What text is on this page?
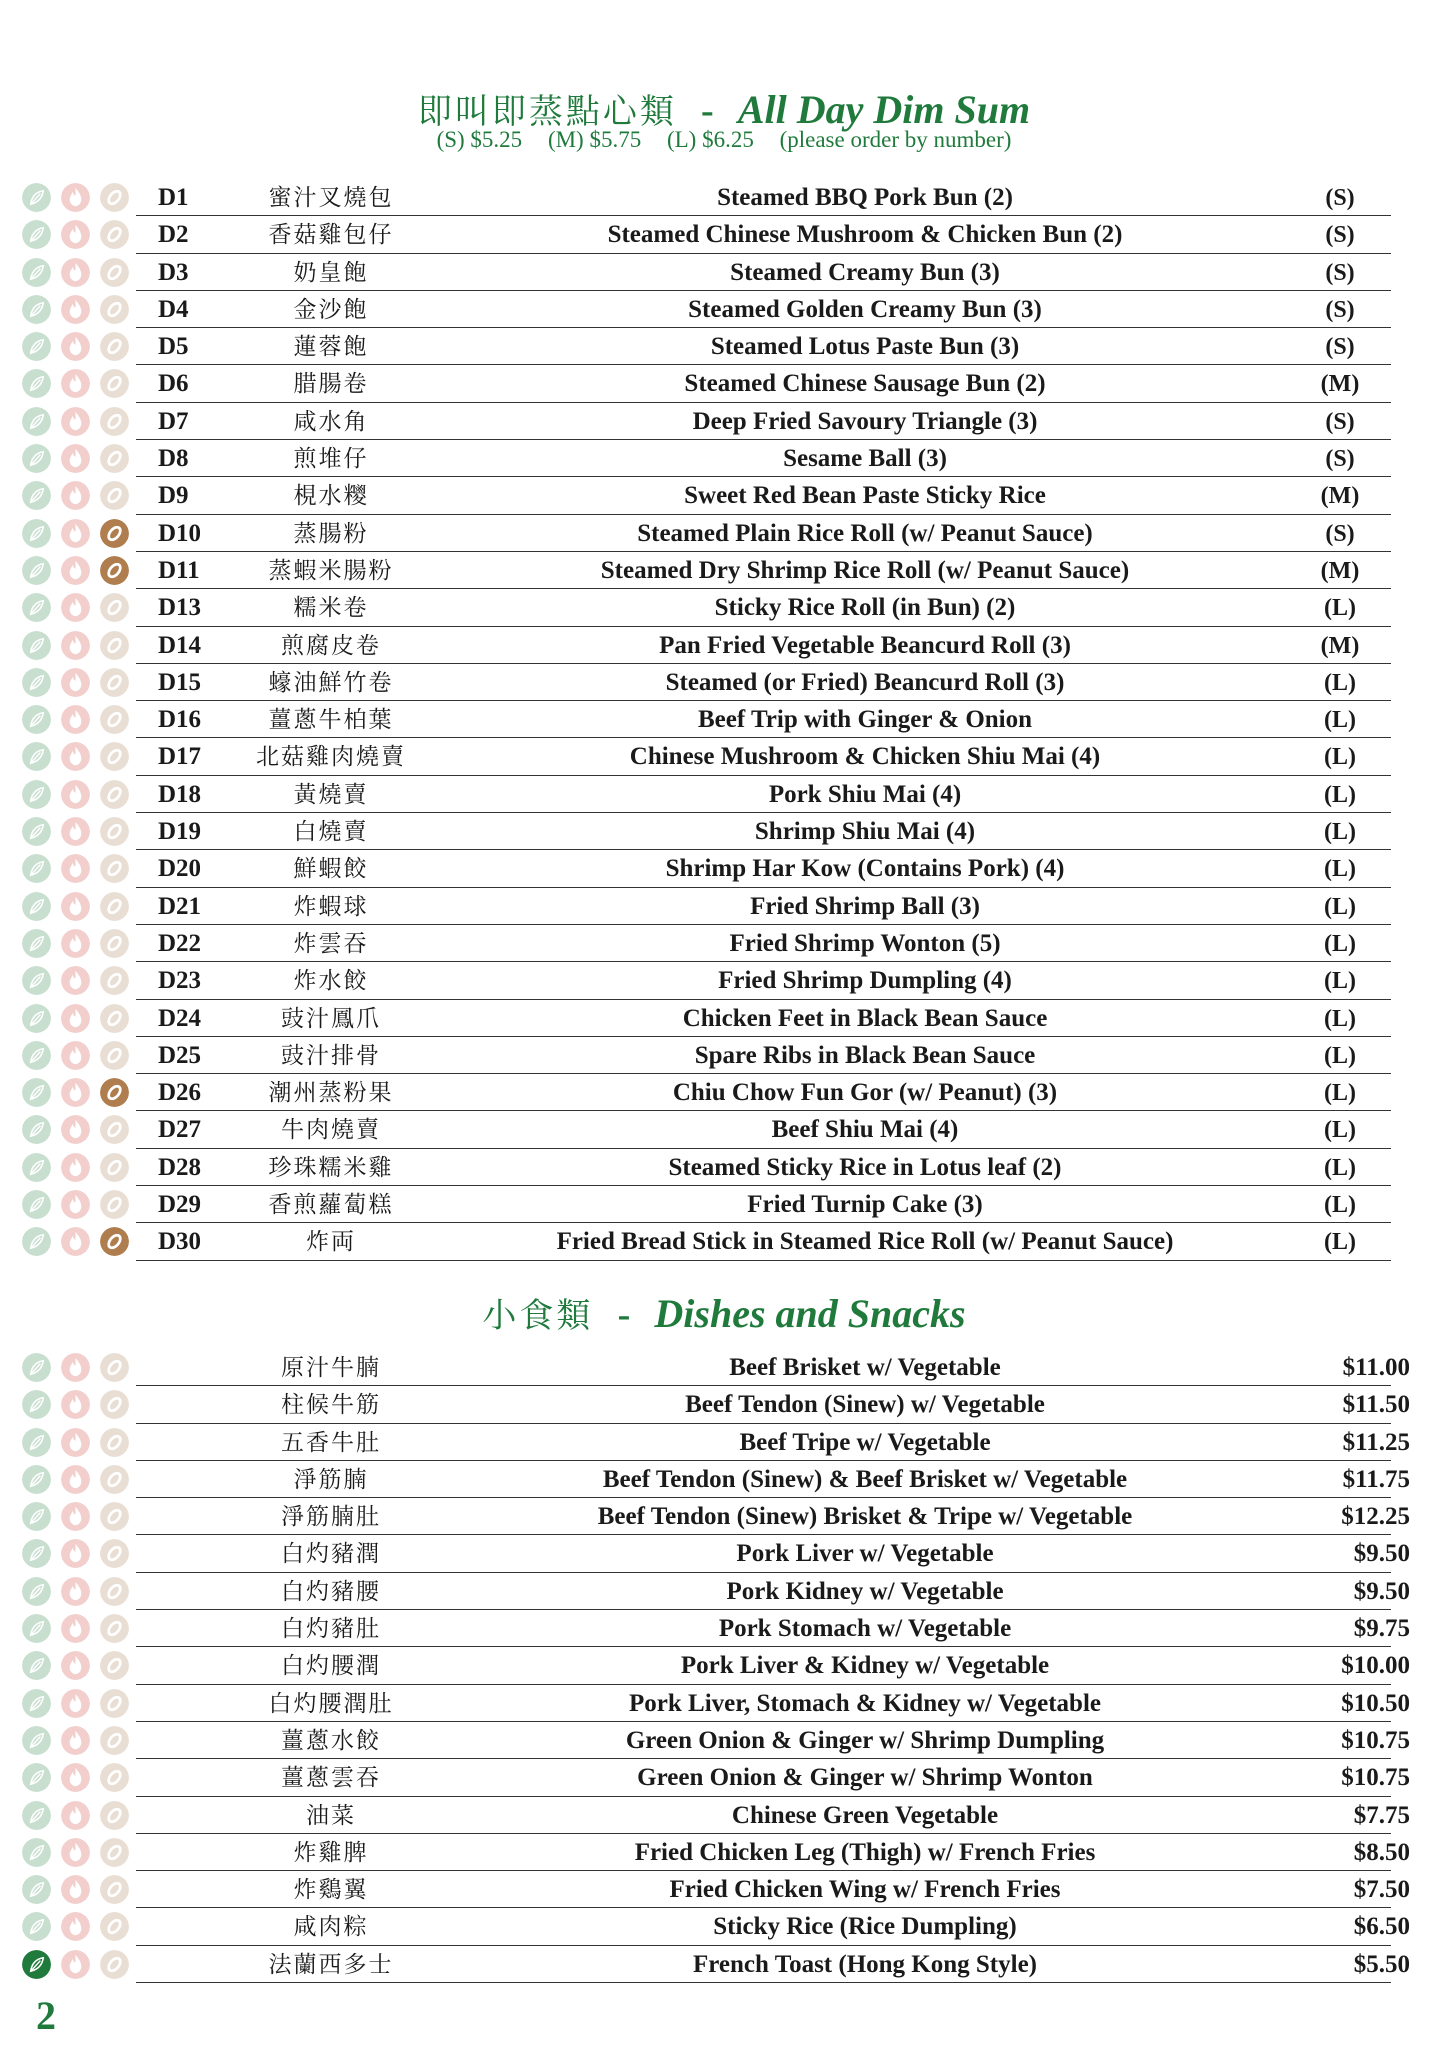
即叫即蒸點心類 - All Day Dim Sum
(S) $5.25 (M) $5.75 (L) $6.25 (please order by number)
D1	蜜汁叉燒包	Steamed BBQ Pork Bun (2)	(S)
D2	香菇雞包仔	Steamed Chinese Mushroom & Chicken Bun (2)	(S)
D3	奶皇飽	Steamed Creamy Bun (3)	(S)
D4	金沙飽	Steamed Golden Creamy Bun (3)	(S)
D5	蓮蓉飽	Steamed Lotus Paste Bun (3)	(S)
D6	腊腸卷	Steamed Chinese Sausage Bun (2)	(M)
D7	咸水角	Deep Fried Savoury Triangle (3)	(S)
D8	煎堆仔	Sesame Ball (3)	(S)
D9	梘水糭	Sweet Red Bean Paste Sticky Rice	(M)
D10	蒸腸粉	Steamed Plain Rice Roll (w/ Peanut Sauce)	(S)
D11	蒸蝦米腸粉	Steamed Dry Shrimp Rice Roll (w/ Peanut Sauce)	(M)
D13	糯米卷	Sticky Rice Roll (in Bun) (2)	(L)
D14	煎腐皮卷	Pan Fried Vegetable Beancurd Roll (3)	(M)
D15	蠔油鮮竹卷	Steamed (or Fried) Beancurd Roll (3)	(L)
D16	薑蔥牛柏葉	Beef Trip with Ginger & Onion	(L)
D17	北菇雞肉燒賣	Chinese Mushroom & Chicken Shiu Mai (4)	(L)
D18	黃燒賣	Pork Shiu Mai (4)	(L)
D19	白燒賣	Shrimp Shiu Mai (4)	(L)
D20	鮮蝦餃	Shrimp Har Kow (Contains Pork) (4)	(L)
D21	炸蝦球	Fried Shrimp Ball (3)	(L)
D22	炸雲吞	Fried Shrimp Wonton (5)	(L)
D23	炸水餃	Fried Shrimp Dumpling (4)	(L)
D24	豉汁鳳爪	Chicken Feet in Black Bean Sauce	(L)
D25	豉汁排骨	Spare Ribs in Black Bean Sauce	(L)
D26	潮州蒸粉果	Chiu Chow Fun Gor (w/ Peanut) (3)	(L)
D27	牛肉燒賣	Beef Shiu Mai (4)	(L)
D28	珍珠糯米雞	Steamed Sticky Rice in Lotus leaf (2)	(L)
D29	香煎蘿蔔糕	Fried Turnip Cake (3)	(L)
D30	炸両	Fried Bread Stick in Steamed Rice Roll (w/ Peanut Sauce)	(L)
小食類 - Dishes and Snacks
原汁牛腩	Beef Brisket w/ Vegetable	$11.00
柱候牛筋	Beef Tendon (Sinew) w/ Vegetable	$11.50
五香牛肚	Beef Tripe w/ Vegetable	$11.25
淨筋腩	Beef Tendon (Sinew) & Beef Brisket w/ Vegetable	$11.75
淨筋腩肚	Beef Tendon (Sinew) Brisket & Tripe w/ Vegetable	$12.25
白灼豬潤	Pork Liver w/ Vegetable	$9.50
白灼豬腰	Pork Kidney w/ Vegetable	$9.50
白灼豬肚	Pork Stomach w/ Vegetable	$9.75
白灼腰潤	Pork Liver & Kidney w/ Vegetable	$10.00
白灼腰潤肚	Pork Liver, Stomach & Kidney w/ Vegetable	$10.50
薑蔥水餃	Green Onion & Ginger w/ Shrimp Dumpling	$10.75
薑蔥雲吞	Green Onion & Ginger w/ Shrimp Wonton	$10.75
油菜	Chinese Green Vegetable	$7.75
炸雞脾	Fried Chicken Leg (Thigh) w/ French Fries	$8.50
炸鷄翼	Fried Chicken Wing w/ French Fries	$7.50
咸肉粽	Sticky Rice (Rice Dumpling)	$6.50
法蘭西多士	French Toast (Hong Kong Style)	$5.50
2
